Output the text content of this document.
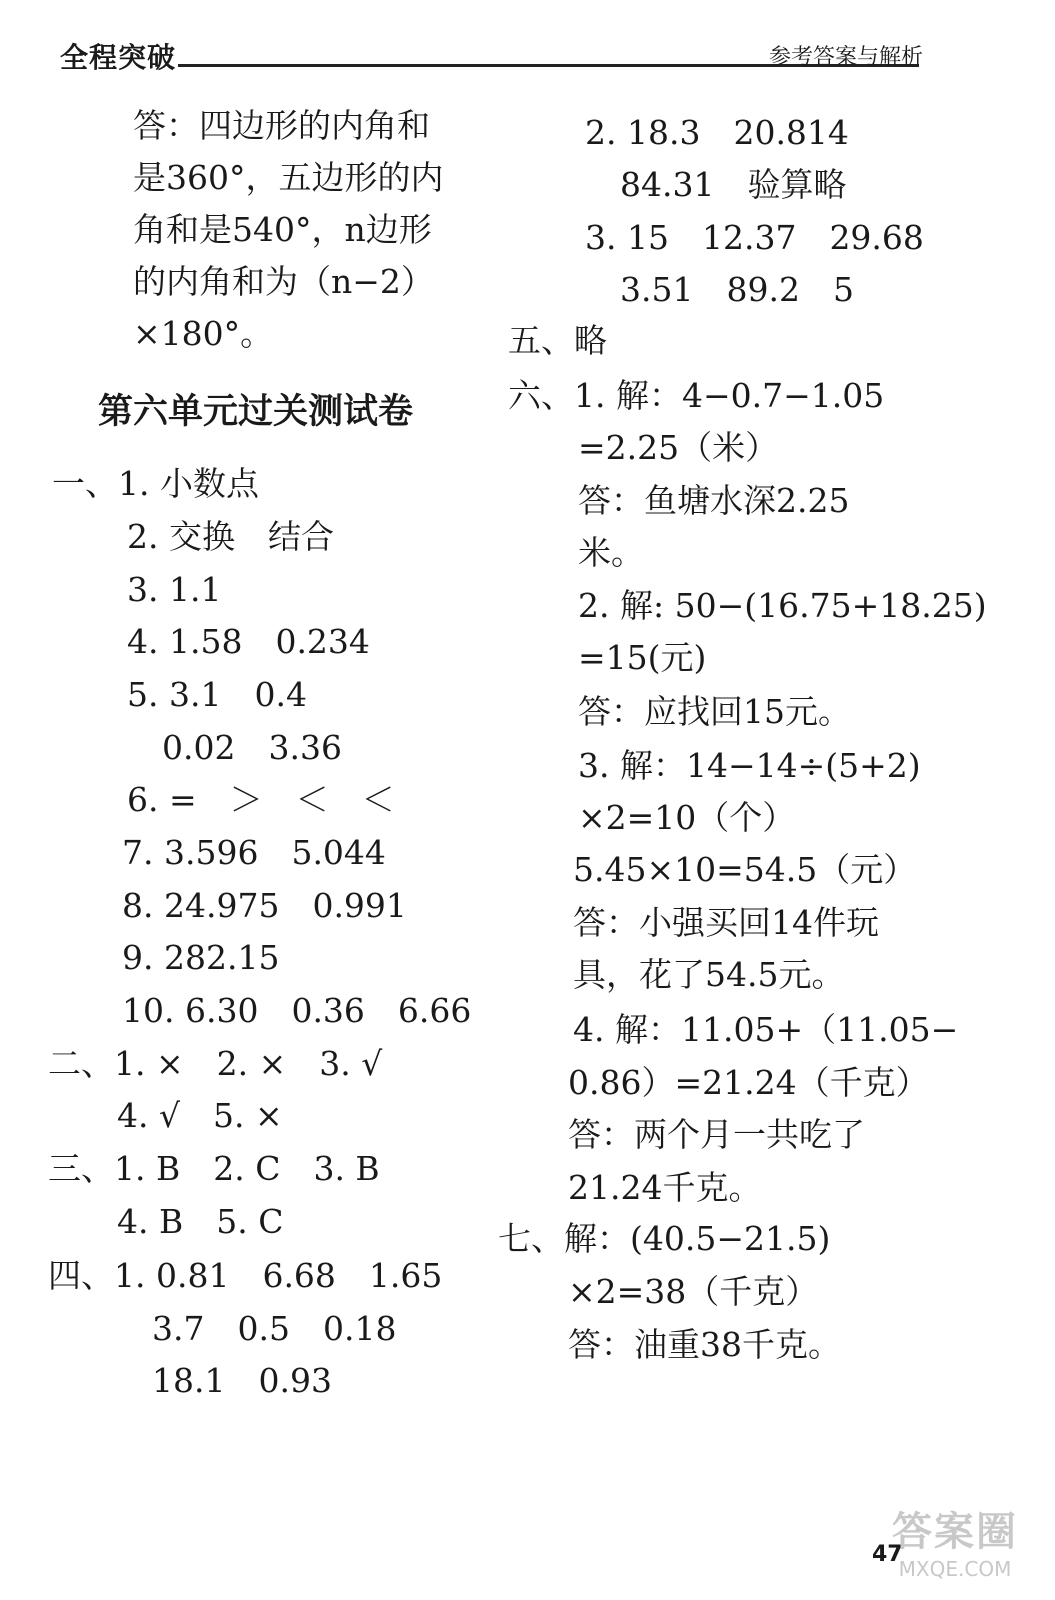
全程突破	参考答案与解析
答：四边形的内角和
是360°，五边形的内
角和是540°，n边形
的内角和为（n−2）
×180°。
第六单元过关测试卷
一、1. 小数点
2. 交换　结合
3. 1.1
4. 1.58　0.234
5. 3.1　0.4
0.02　3.36
6. =　＞　＜　＜
7. 3.596　5.044
8. 24.975　0.991
9. 282.15
10. 6.30　0.36　6.66
二、1. ×　2. ×　3. √
4. √　5. ×
三、1. B　2. C　3. B
4. B　5. C
四、1. 0.81　6.68　1.65
3.7　0.5　0.18
18.1　0.93
2. 18.3　20.814
84.31　验算略
3. 15　12.37　29.68
3.51　89.2　5
五、略
六、1. 解：4−0.7−1.05
=2.25（米）
答：鱼塘水深2.25
米。
2. 解: 50−(16.75+18.25)
=15(元)
答：应找回15元。
3. 解：14−14÷(5+2)
×2=10（个）
5.45×10=54.5（元）
答：小强买回14件玩
具，花了54.5元。
4. 解：11.05+（11.05−
0.86）=21.24（千克）
答：两个月一共吃了
21.24千克。
七、解：(40.5−21.5)
×2=38（千克）
答：油重38千克。
47
答案圈
MXQE.COM
